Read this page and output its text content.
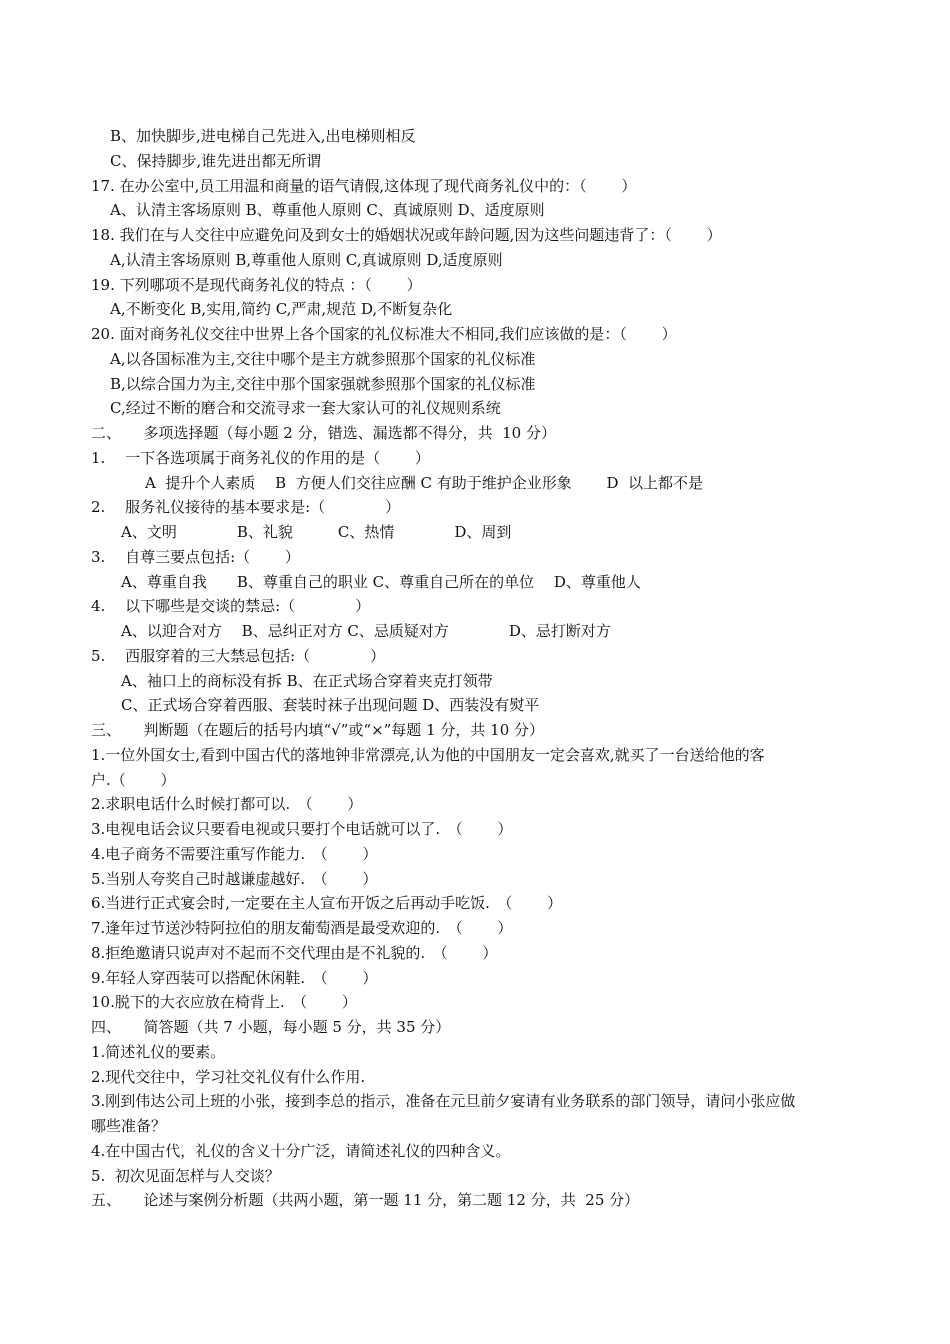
B、加快脚步,进电梯自己先进入,出电梯则相反

C、保持脚步,谁先进出都无所谓

17. 在办公室中,员工用温和商量的语气请假,这体现了现代商务礼仪中的：（　　 ）

A、认清主客场原则 B、尊重他人原则 C、真诚原则 D、适度原则

18. 我们在与人交往中应避免问及到女士的婚姻状况或年龄问题,因为这些问题违背了：（　　 ）

A,认清主客场原则 B,尊重他人原则 C,真诚原则 D,适度原则

19. 下列哪项不是现代商务礼仪的特点 ：（　　 ）

A,不断变化 B,实用,简约 C,严肃,规范 D,不断复杂化

20. 面对商务礼仪交往中世界上各个国家的礼仪标准大不相同,我们应该做的是：（　　 ）

A,以各国标准为主,交往中哪个是主方就参照那个国家的礼仪标准

B,以综合国力为主,交往中那个国家强就参照那个国家的礼仪标准

C,经过不断的磨合和交流寻求一套大家认可的礼仪规则系统

二、　　多项选择题（每小题 2 分，错选、漏选都不得分，共  10 分）

1.　 一下各选项属于商务礼仪的作用的是（　　 ）

A  提升个人素质　 B  方便人们交往应酬 C 有助于维护企业形象　　 D  以上都不是

2.　 服务礼仪接待的基本要求是:（　　　　）

A、文明　　　　B、礼貌　　　C、热情　　　　D、周到

3.　 自尊三要点包括:（　　 ）

A、尊重自我　　B、尊重自己的职业 C、尊重自己所在的单位　 D、尊重他人

4.　 以下哪些是交谈的禁忌:（　　　　）

A、以迎合对方　 B、忌纠正对方 C、忌质疑对方　　　　D、忌打断对方

5.　 西服穿着的三大禁忌包括:（　　　　）

A、袖口上的商标没有拆 B、在正式场合穿着夹克打领带

C、正式场合穿着西服、套装时袜子出现问题 D、西装没有熨平

三、　　判断题（在题后的括号内填“√”或“×”每题 1 分，共 10 分）

1.一位外国女士,看到中国古代的落地钟非常漂亮,认为他的中国朋友一定会喜欢,就买了一台送给他的客

户.（　　 ）

2.求职电话什么时候打都可以.　（　　 ）

3.电视电话会议只要看电视或只要打个电话就可以了.　（　　 ）

4.电子商务不需要注重写作能力.　（　　 ）

5.当别人夸奖自己时越谦虚越好.　（　　 ）

6.当进行正式宴会时,一定要在主人宣布开饭之后再动手吃饭.　（　　 ）

7.逢年过节送沙特阿拉伯的朋友葡萄酒是最受欢迎的.　（　　 ）

8.拒绝邀请只说声对不起而不交代理由是不礼貌的.　（　　 ）

9.年轻人穿西装可以搭配休闲鞋.　（　　 ）

10.脱下的大衣应放在椅背上.　（　　 ）

四、　　简答题（共 7 小题，每小题 5 分，共 35 分）

1.简述礼仪的要素。

2.现代交往中，学习社交礼仪有什么作用.

3.刚到伟达公司上班的小张，接到李总的指示，准备在元旦前夕宴请有业务联系的部门领导，请问小张应做

哪些准备？

4.在中国古代，礼仪的含义十分广泛，请简述礼仪的四种含义。

5.  初次见面怎样与人交谈？

五、　　论述与案例分析题（共两小题，第一题 11 分，第二题 12 分，共  25 分）
